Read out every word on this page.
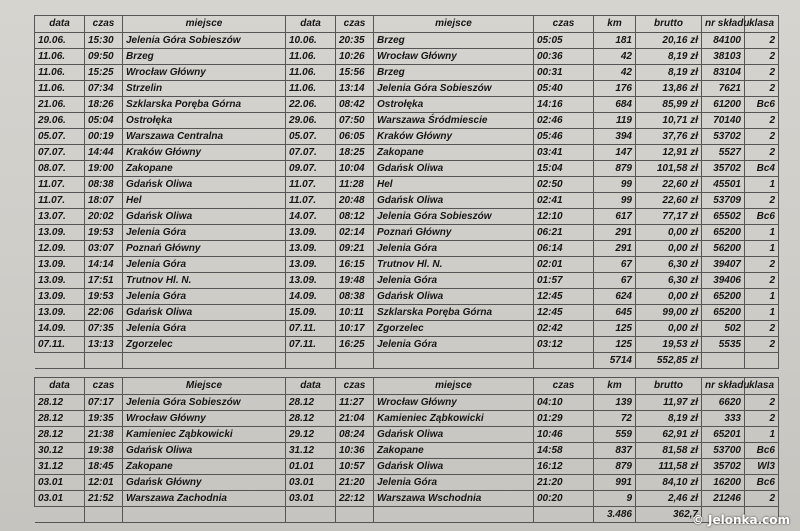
data	czas	miejsce	data	czas	miejsce	czas	km	brutto	nr składu	klasa
10.06.	15:30	Jelenia Góra Sobieszów	10.06.	20:35	Brzeg	05:05	181	20,16 zł	84100	2
11.06.	09:50	Brzeg	11.06.	10:26	Wrocław Główny	00:36	42	8,19 zł	38103	2
11.06.	15:25	Wrocław Główny	11.06.	15:56	Brzeg	00:31	42	8,19 zł	83104	2
11.06.	07:34	Strzelin	11.06.	13:14	Jelenia Góra Sobieszów	05:40	176	13,86 zł	7621	2
21.06.	18:26	Szklarska Poręba Górna	22.06.	08:42	Ostrołęka	14:16	684	85,99 zł	61200	Bc6
29.06.	05:04	Ostrołęka	29.06.	07:50	Warszawa Śródmiescie	02:46	119	10,71 zł	70140	2
05.07.	00:19	Warszawa Centralna	05.07.	06:05	Kraków Główny	05:46	394	37,76 zł	53702	2
07.07.	14:44	Kraków Główny	07.07.	18:25	Zakopane	03:41	147	12,91 zł	5527	2
08.07.	19:00	Zakopane	09.07.	10:04	Gdańsk Oliwa	15:04	879	101,58 zł	35702	Bc4
11.07.	08:38	Gdańsk Oliwa	11.07.	11:28	Hel	02:50	99	22,60 zł	45501	1
11.07.	18:07	Hel	11.07.	20:48	Gdańsk Oliwa	02:41	99	22,60 zł	53709	2
13.07.	20:02	Gdańsk Oliwa	14.07.	08:12	Jelenia Góra Sobieszów	12:10	617	77,17 zł	65502	Bc6
13.09.	19:53	Jelenia Góra	13.09.	02:14	Poznań Główny	06:21	291	0,00 zł	65200	1
12.09.	03:07	Poznań Główny	13.09.	09:21	Jelenia Góra	06:14	291	0,00 zł	56200	1
13.09.	14:14	Jelenia Góra	13.09.	16:15	Trutnov Hl. N.	02:01	67	6,30 zł	39407	2
13.09.	17:51	Trutnov Hl. N.	13.09.	19:48	Jelenia Góra	01:57	67	6,30 zł	39406	2
13.09.	19:53	Jelenia Góra	14.09.	08:38	Gdańsk Oliwa	12:45	624	0,00 zł	65200	1
13.09.	22:06	Gdańsk Oliwa	15.09.	10:11	Szklarska Poręba Górna	12:45	645	99,00 zł	65200	1
14.09.	07:35	Jelenia Góra	07.11.	10:17	Zgorzelec	02:42	125	0,00 zł	502	2
07.11.	13:13	Zgorzelec	07.11.	16:25	Jelenia Góra	03:12	125	19,53 zł	5535	2
							5714	552,85 zł		
data	czas	Miejsce	data	czas	miejsce	czas	km	brutto	nr składu	klasa
28.12	07:17	Jelenia Góra Sobieszów	28.12	11:27	Wrocław Główny	04:10	139	11,97 zł	6620	2
28.12	19:35	Wrocław Główny	28.12	21:04	Kamieniec Ząbkowicki	01:29	72	8,19 zł	333	2
28.12	21:38	Kamieniec Ząbkowicki	29.12	08:24	Gdańsk Oliwa	10:46	559	62,91 zł	65201	1
30.12	19:38	Gdańsk Oliwa	31.12	10:36	Zakopane	14:58	837	81,58 zł	53700	Bc6
31.12	18:45	Zakopane	01.01	10:57	Gdańsk Oliwa	16:12	879	111,58 zł	35702	Wl3
03.01	12:01	Gdańsk Główny	03.01	21:20	Jelenia Góra	21:20	991	84,10 zł	16200	Bc6
03.01	21:52	Warszawa Zachodnia	03.01	22:12	Warszawa Wschodnia	00:20	9	2,46 zł	21246	2
							3.486	362,7		
© Jelonka.com
